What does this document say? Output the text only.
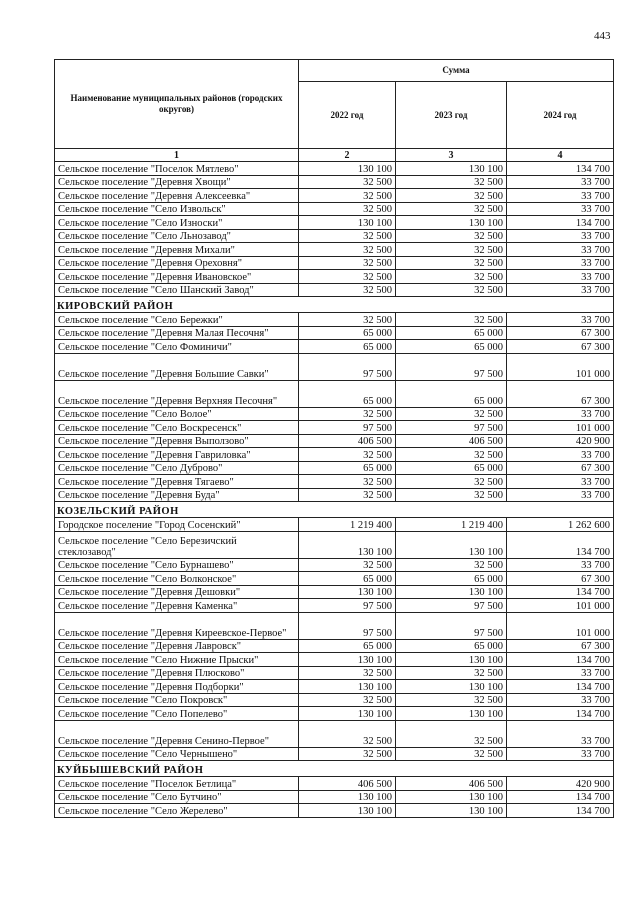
443
Наименование муниципальных районов (городских округов)	Сумма		
	2022 год	2023 год	2024 год
1	2	3	4
Сельское поселение "Поселок Мятлево"	130 100	130 100	134 700
Сельское поселение "Деревня Хвощи"	32 500	32 500	33 700
Сельское поселение "Деревня Алексеевка"	32 500	32 500	33 700
Сельское поселение "Село Извольск"	32 500	32 500	33 700
Сельское поселение "Село Износки"	130 100	130 100	134 700
Сельское поселение "Село Льнозавод"	32 500	32 500	33 700
Сельское поселение "Деревня Михали"	32 500	32 500	33 700
Сельское поселение "Деревня Ореховня"	32 500	32 500	33 700
Сельское поселение "Деревня Ивановское"	32 500	32 500	33 700
Сельское поселение "Село Шанский Завод"	32 500	32 500	33 700
КИРОВСКИЙ РАЙОН			
Сельское поселение "Село Бережки"	32 500	32 500	33 700
Сельское поселение "Деревня Малая Песочня"	65 000	65 000	67 300
Сельское поселение "Село Фоминичи"	65 000	65 000	67 300
Сельское поселение "Деревня Большие Савки"	97 500	97 500	101 000
Сельское поселение "Деревня Верхняя Песочня"	65 000	65 000	67 300
Сельское поселение "Село Волое"	32 500	32 500	33 700
Сельское поселение "Село Воскресенск"	97 500	97 500	101 000
Сельское поселение "Деревня Выползово"	406 500	406 500	420 900
Сельское поселение "Деревня Гавриловка"	32 500	32 500	33 700
Сельское поселение "Село Дуброво"	65 000	65 000	67 300
Сельское поселение "Деревня Тягаево"	32 500	32 500	33 700
Сельское поселение "Деревня Буда"	32 500	32 500	33 700
КОЗЕЛЬСКИЙ РАЙОН			
Городское поселение "Город Сосенский"	1 219 400	1 219 400	1 262 600
Сельское поселение "Село Березичский стеклозавод"	130 100	130 100	134 700
Сельское поселение "Село Бурнашево"	32 500	32 500	33 700
Сельское поселение "Село Волконское"	65 000	65 000	67 300
Сельское поселение "Деревня Дешовки"	130 100	130 100	134 700
Сельское поселение "Деревня Каменка"	97 500	97 500	101 000
Сельское поселение "Деревня Киреевское-Первое"	97 500	97 500	101 000
Сельское поселение "Деревня Лавровск"	65 000	65 000	67 300
Сельское поселение "Село Нижние Прыски"	130 100	130 100	134 700
Сельское поселение "Деревня Плюсково"	32 500	32 500	33 700
Сельское поселение "Деревня Подборки"	130 100	130 100	134 700
Сельское поселение "Село Покровск"	32 500	32 500	33 700
Сельское поселение "Село Попелево"	130 100	130 100	134 700
Сельское поселение "Деревня Сенино-Первое"	32 500	32 500	33 700
Сельское поселение "Село Чернышено"	32 500	32 500	33 700
КУЙБЫШЕВСКИЙ РАЙОН			
Сельское поселение "Поселок Бетлица"	406 500	406 500	420 900
Сельское поселение "Село Бутчино"	130 100	130 100	134 700
Сельское поселение "Село Жерелево"	130 100	130 100	134 700
